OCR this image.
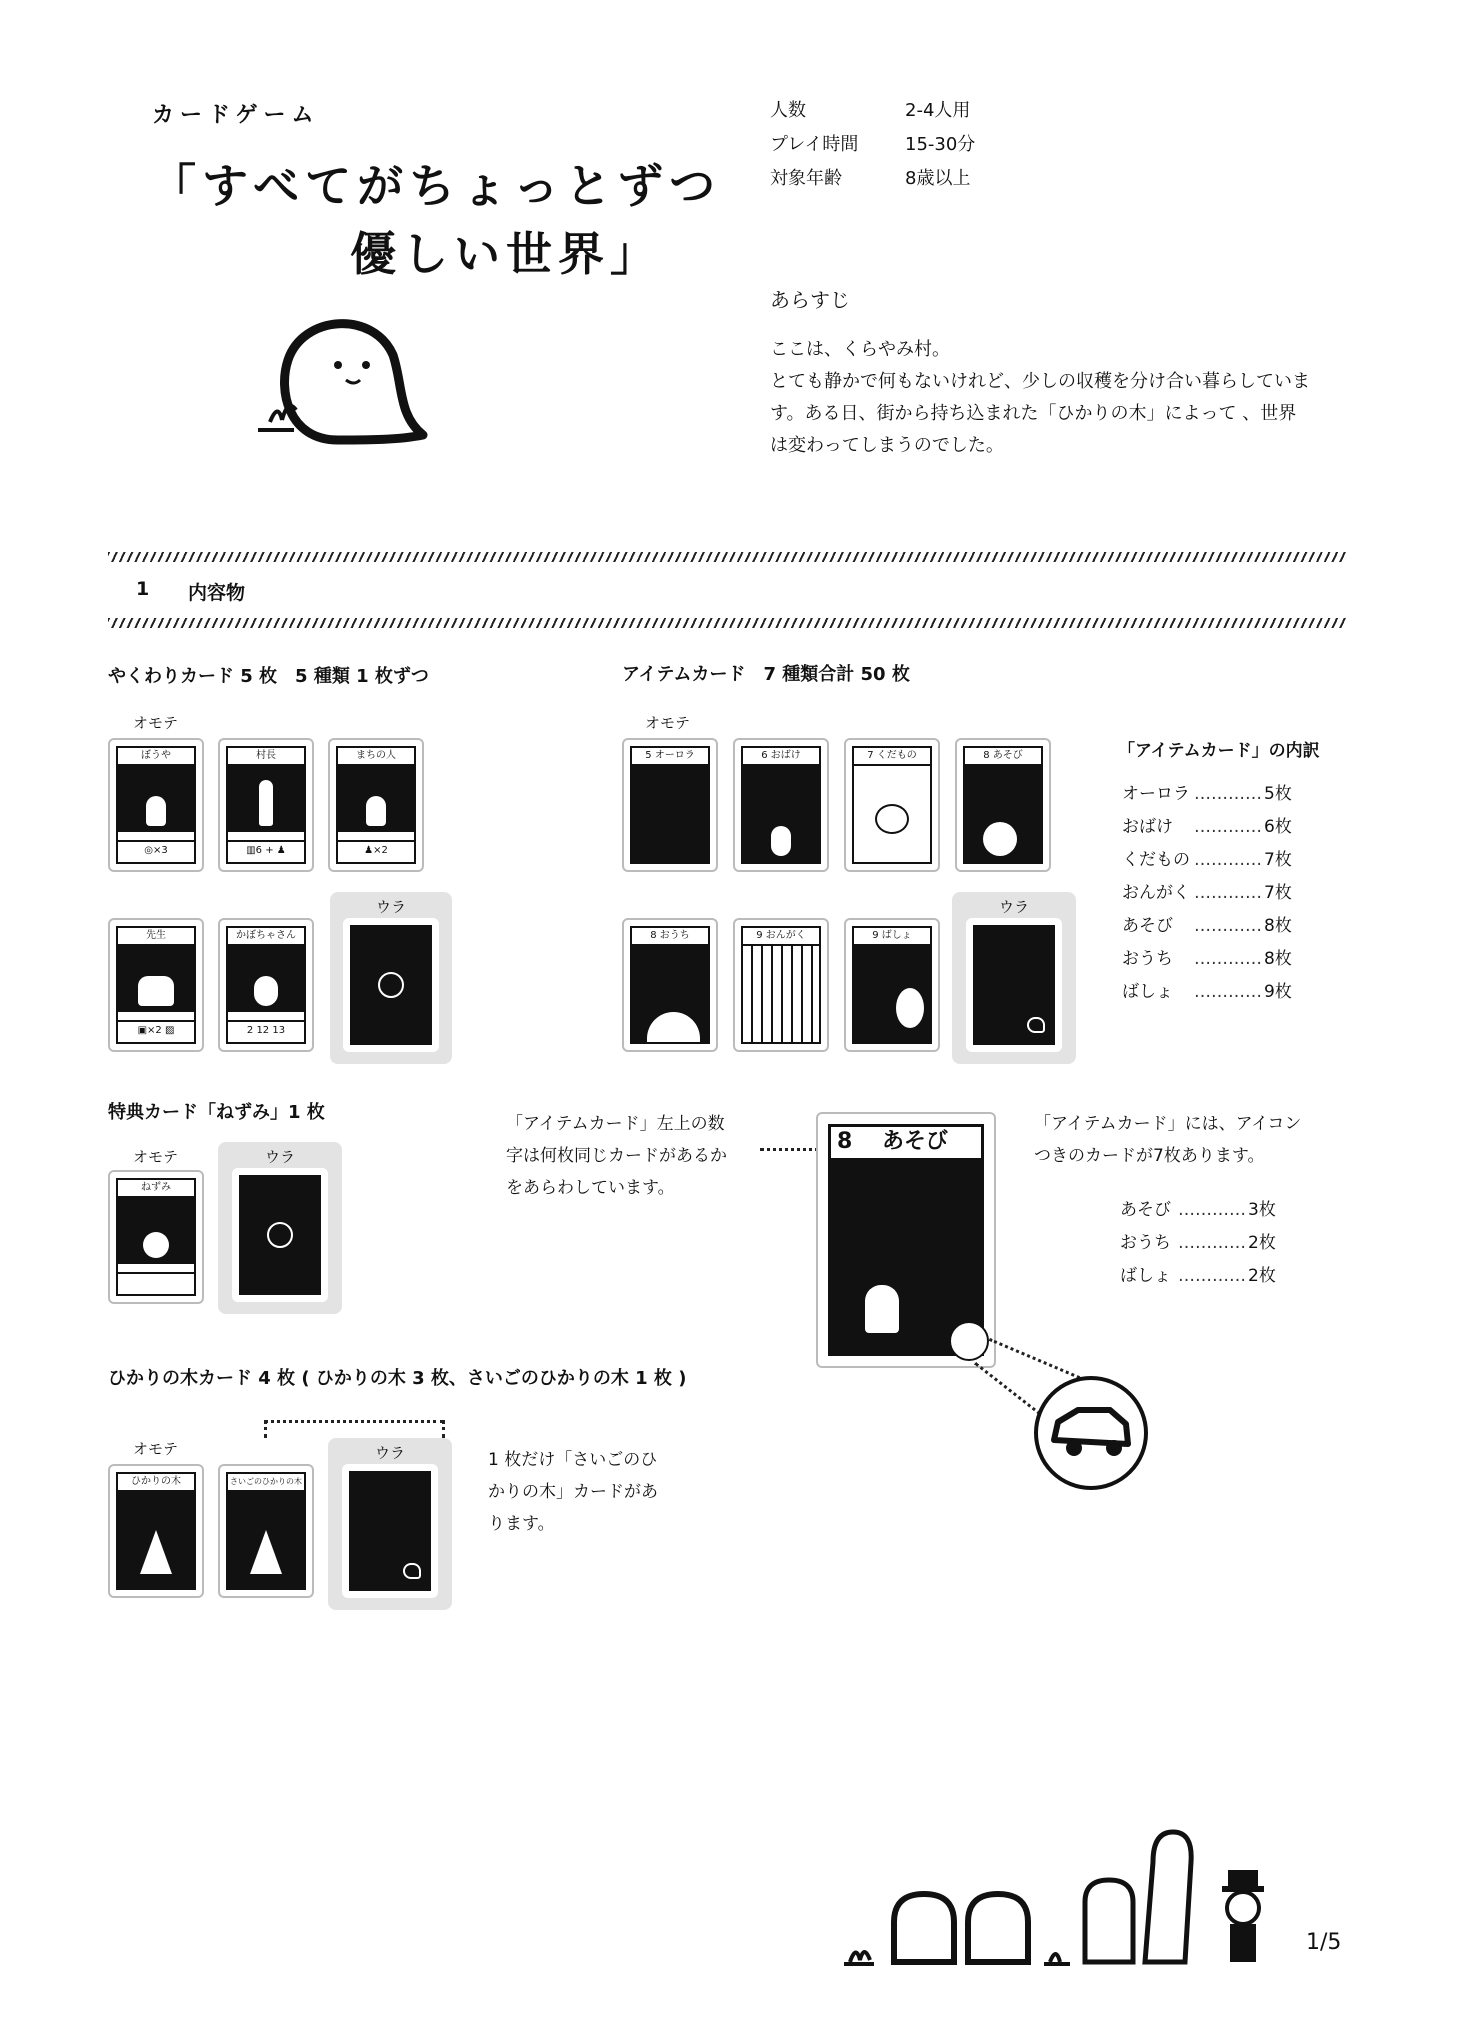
カードゲーム
「すべてがちょっとずつ
優しい世界」
人数	2-4人用
プレイ時間	15-30分
対象年齢	8歳以上
あらすじ
ここは、くらやみ村。
とても静かで何もないけれど、少しの収穫を分け合い暮らしていま
す。ある日、街から持ち込まれた「ひかりの木」によって 、世界
は変わってしまうのでした。
1 内容物
やくわりカード 5 枚　5 種類 1 枚ずつ
オモテ
ぼうや
◎×3
村長
▥6 + ♟
まちの人
♟×2
先生
▣×2 ▨
かぼちゃさん
2 12 13
ウラ
アイテムカード　7 種類合計 50 枚
オモテ
5 オーロラ	6 おばけ	7 くだもの	8 あそび
8 おうち	9 おんがく	9 ばしょ
ウラ
「アイテムカード」の内訳
オーロラ ………… 5枚
おばけ	………… 6枚
くだもの ………… 7枚
おんがく ………… 7枚
あそび	………… 8枚
おうち	………… 8枚
ばしょ	………… 9枚
特典カード「ねずみ」1 枚
オモテ
ねずみ
ウラ
「アイテムカード」左上の数
字は何枚同じカードがあるか
をあらわしています。
8 あそび
「アイテムカード」には、アイコン
つきのカードが7枚あります。
あそび ………… 3枚
おうち ………… 2枚
ばしょ ………… 2枚
ひかりの木カード 4 枚 ( ひかりの木 3 枚、さいごのひかりの木 1 枚 )
オモテ
ひかりの木	さいごのひかりの木
ウラ	1 枚だけ「さいごのひ
かりの木」カードがあ
ります。
1/5
